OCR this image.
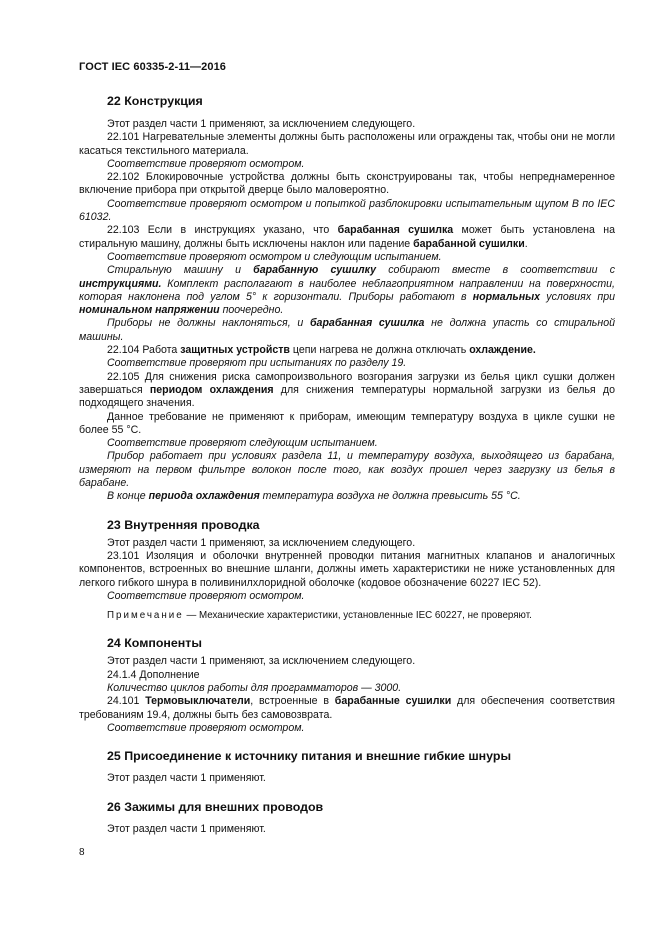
ГОСТ IEC 60335-2-11—2016
22 Конструкция

Этот раздел части 1 применяют, за исключением следующего.

22.101 Нагревательные элементы должны быть расположены или ограждены так, чтобы они не могли касаться текстильного материала.

Соответствие проверяют осмотром.

22.102 Блокировочные устройства должны быть сконструированы так, чтобы непреднамеренное включение прибора при открытой дверце было маловероятно.

Соответствие проверяют осмотром и попыткой разблокировки испытательным щупом В по IEC 61032.

22.103 Если в инструкциях указано, что барабанная сушилка может быть установлена на стиральную машину, должны быть исключены наклон или падение барабанной сушилки.

Соответствие проверяют осмотром и следующим испытанием.

Стиральную машину и барабанную сушилку собирают вместе в соответствии с инструкциями. Комплект располагают в наиболее неблагоприятном направлении на поверхности, которая наклонена под углом 5° к горизонтали. Приборы работают в нормальных условиях при номинальном напряжении поочередно.

Приборы не должны наклоняться, и барабанная сушилка не должна упасть со стиральной машины.

22.104 Работа защитных устройств цепи нагрева не должна отключать охлаждение.

Соответствие проверяют при испытаниях по разделу 19.

22.105 Для снижения риска самопроизвольного возгорания загрузки из белья цикл сушки должен завершаться периодом охлаждения для снижения температуры нормальной загрузки из белья до подходящего значения.

Данное требование не применяют к приборам, имеющим температуру воздуха в цикле сушки не более 55 °С.

Соответствие проверяют следующим испытанием.

Прибор работает при условиях раздела 11, и температуру воздуха, выходящего из барабана, измеряют на первом фильтре волокон после того, как воздух прошел через загрузку из белья в барабане.

В конце периода охлаждения температура воздуха не должна превысить 55 °С.

23 Внутренняя проводка

Этот раздел части 1 применяют, за исключением следующего.

23.101 Изоляция и оболочки внутренней проводки питания магнитных клапанов и аналогичных компонентов, встроенных во внешние шланги, должны иметь характеристики не ниже установленных для легкого гибкого шнура в поливинилхлоридной оболочке (кодовое обозначение 60227 IEC 52).

Соответствие проверяют осмотром.

Примечание — Механические характеристики, установленные IEC 60227, не проверяют.

24 Компоненты

Этот раздел части 1 применяют, за исключением следующего.

24.1.4 Дополнение

Количество циклов работы для программаторов — 3000.

24.101 Термовыключатели, встроенные в барабанные сушилки для обеспечения соответствия требованиям 19.4, должны быть без самовозврата.

Соответствие проверяют осмотром.

25 Присоединение к источнику питания и внешние гибкие шнуры

Этот раздел части 1 применяют.

26 Зажимы для внешних проводов

Этот раздел части 1 применяют.

8
